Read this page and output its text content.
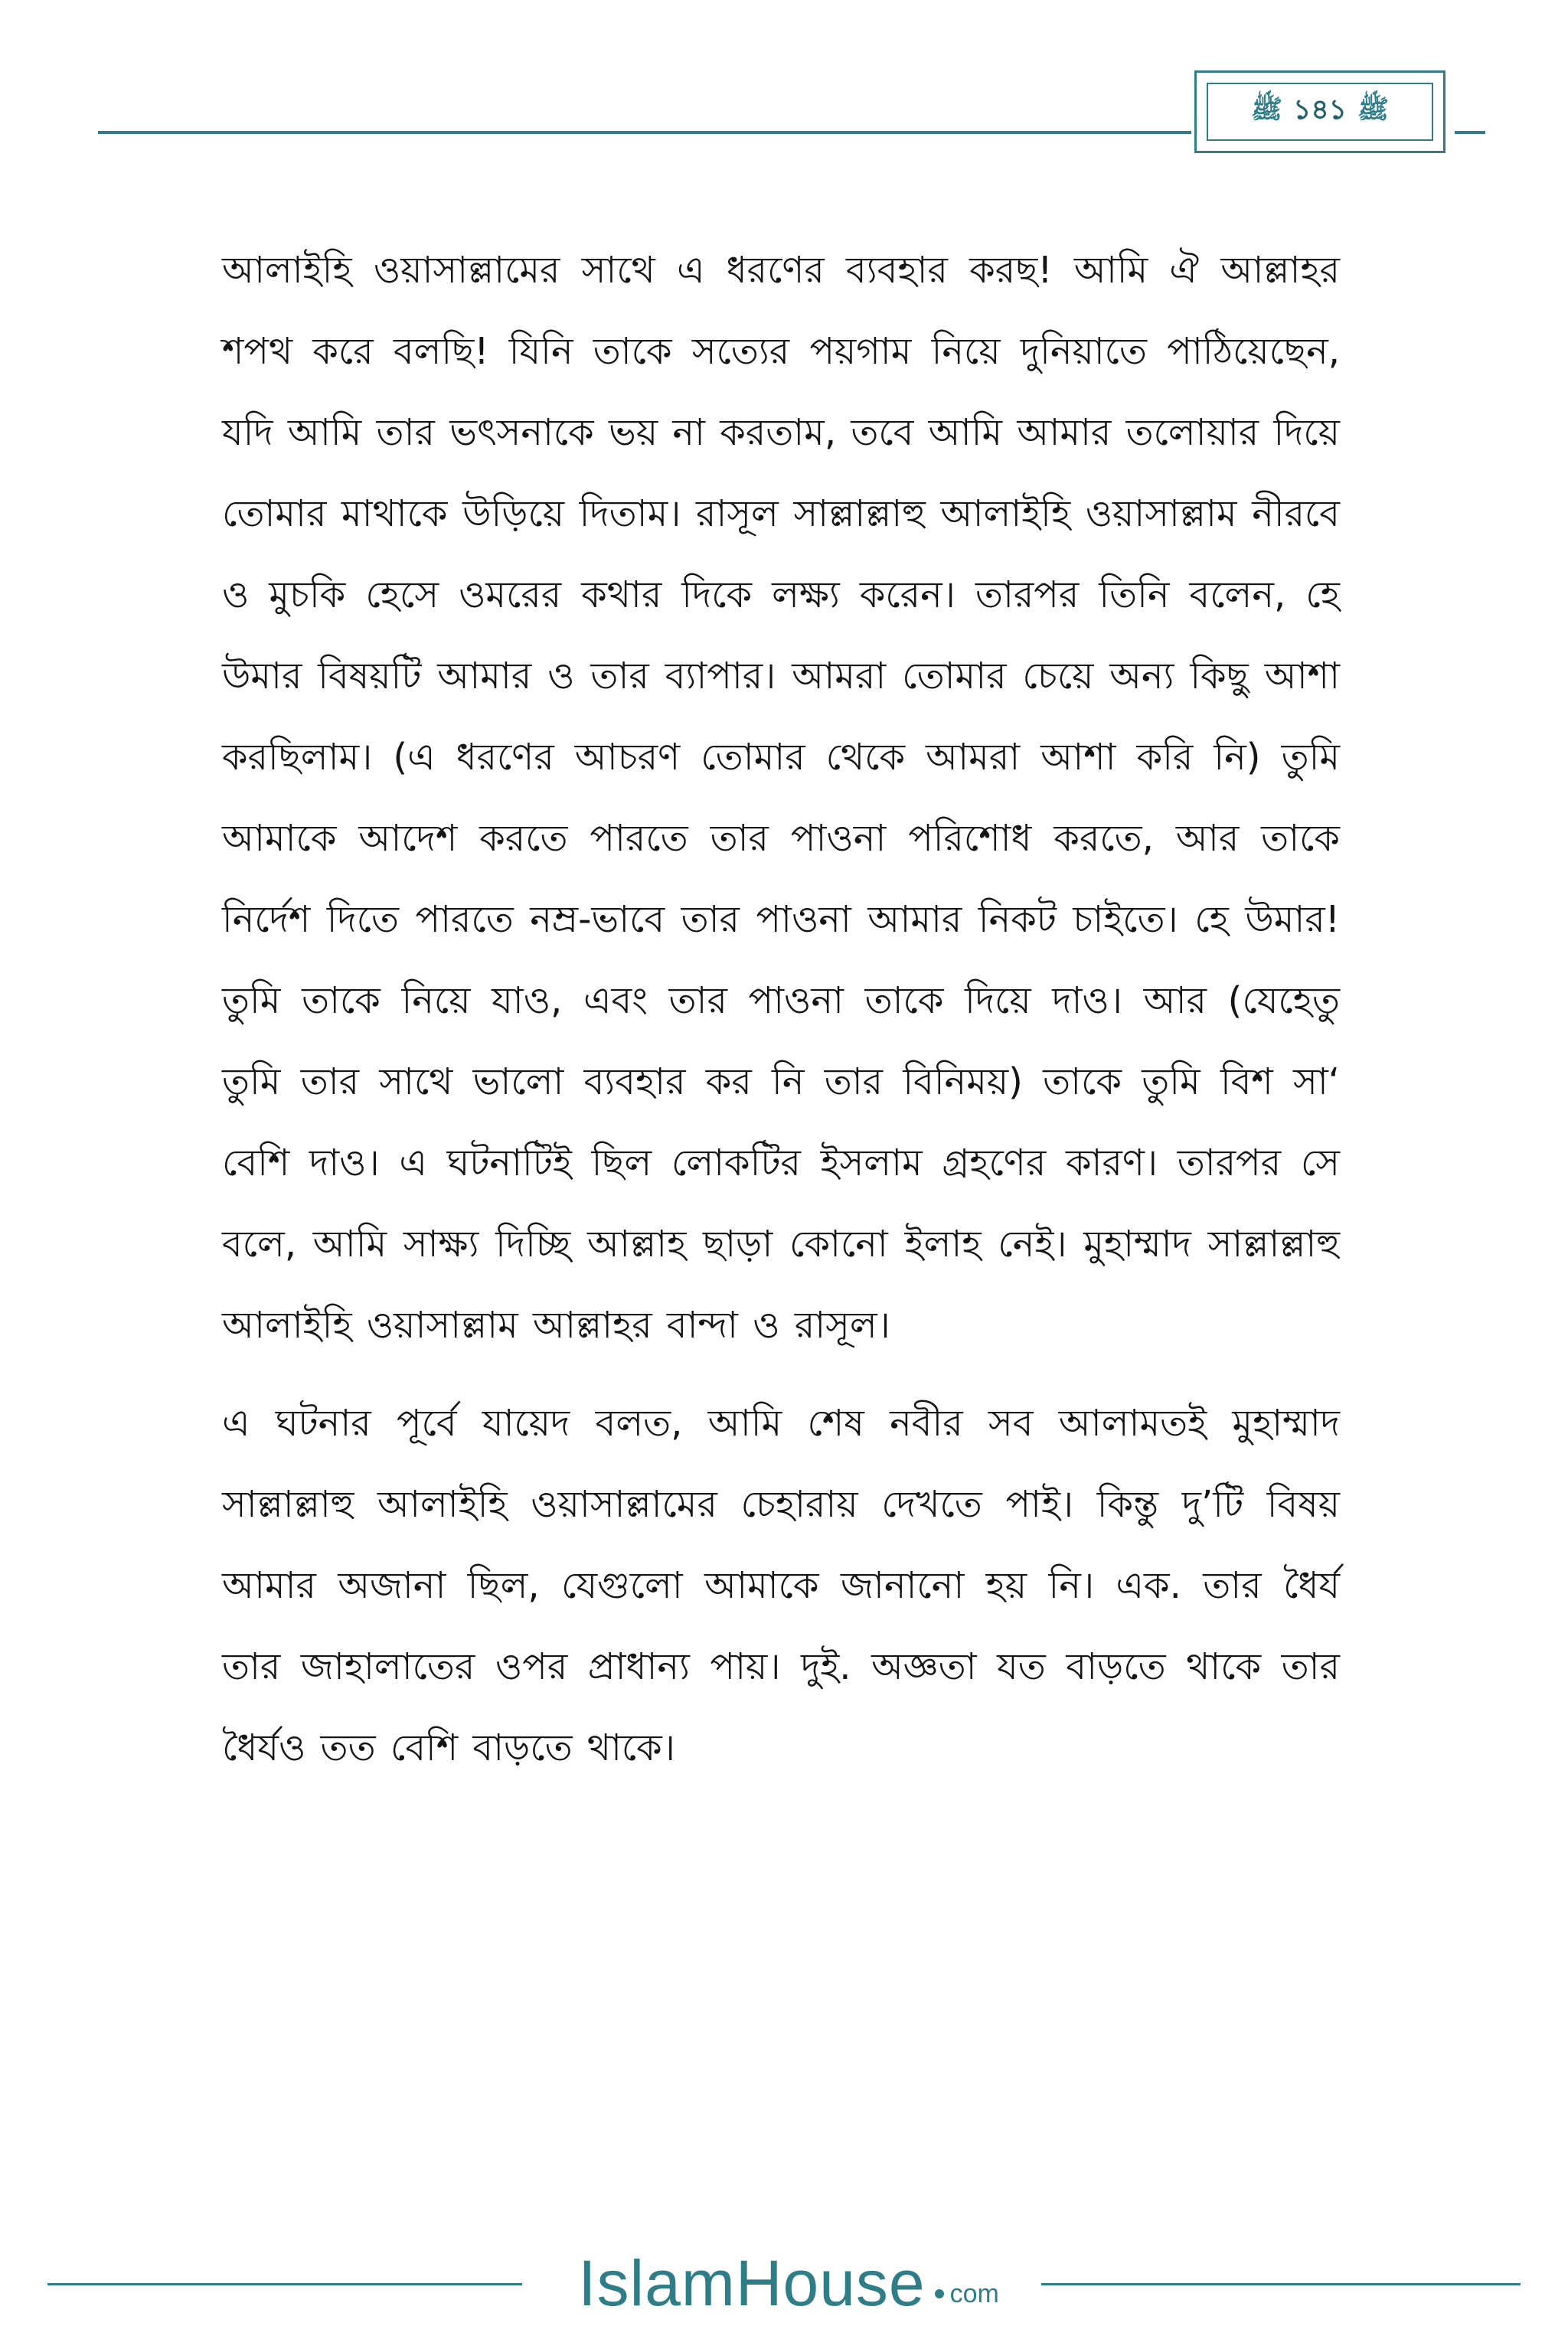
ﷺ ১৪১ ﷺ

আলাইহি ওয়াসাল্লামের সাথে এ ধরণের ব্যবহার করছ! আমি ঐ আল্লাহর শপথ করে বলছি! যিনি তাকে সত্যের পয়গাম নিয়ে দুনিয়াতে পাঠিয়েছেন, যদি আমি তার ভৎসনাকে ভয় না করতাম, তবে আমি আমার তলোয়ার দিয়ে তোমার মাথাকে উড়িয়ে দিতাম। রাসূল সাল্লাল্লাহু আলাইহি ওয়াসাল্লাম নীরবে ও মুচকি হেসে ওমরের কথার দিকে লক্ষ্য করেন। তারপর তিনি বলেন, হে উমার বিষয়টি আমার ও তার ব্যাপার। আমরা তোমার চেয়ে অন্য কিছু আশা করছিলাম। (এ ধরণের আচরণ তোমার থেকে আমরা আশা করি নি) তুমি আমাকে আদেশ করতে পারতে তার পাওনা পরিশোধ করতে, আর তাকে নির্দেশ দিতে পারতে নম্র-ভাবে তার পাওনা আমার নিকট চাইতে। হে উমার! তুমি তাকে নিয়ে যাও, এবং তার পাওনা তাকে দিয়ে দাও। আর (যেহেতু তুমি তার সাথে ভালো ব্যবহার কর নি তার বিনিময়) তাকে তুমি বিশ সা‘ বেশি দাও। এ ঘটনাটিই ছিল লোকটির ইসলাম গ্রহণের কারণ। তারপর সে বলে, আমি সাক্ষ্য দিচ্ছি আল্লাহ ছাড়া কোনো ইলাহ নেই। মুহাম্মাদ সাল্লাল্লাহু আলাইহি ওয়াসাল্লাম আল্লাহর বান্দা ও রাসূল।

এ ঘটনার পূর্বে যায়েদ বলত, আমি শেষ নবীর সব আলামতই মুহাম্মাদ সাল্লাল্লাহু আলাইহি ওয়াসাল্লামের চেহারায় দেখতে পাই। কিন্তু দু’টি বিষয় আমার অজানা ছিল, যেগুলো আমাকে জানানো হয় নি। এক. তার ধৈর্য তার জাহালাতের ওপর প্রাধান্য পায়। দুই. অজ্ঞতা যত বাড়তে থাকে তার ধৈর্যও তত বেশি বাড়তে থাকে।

IslamHouse com
